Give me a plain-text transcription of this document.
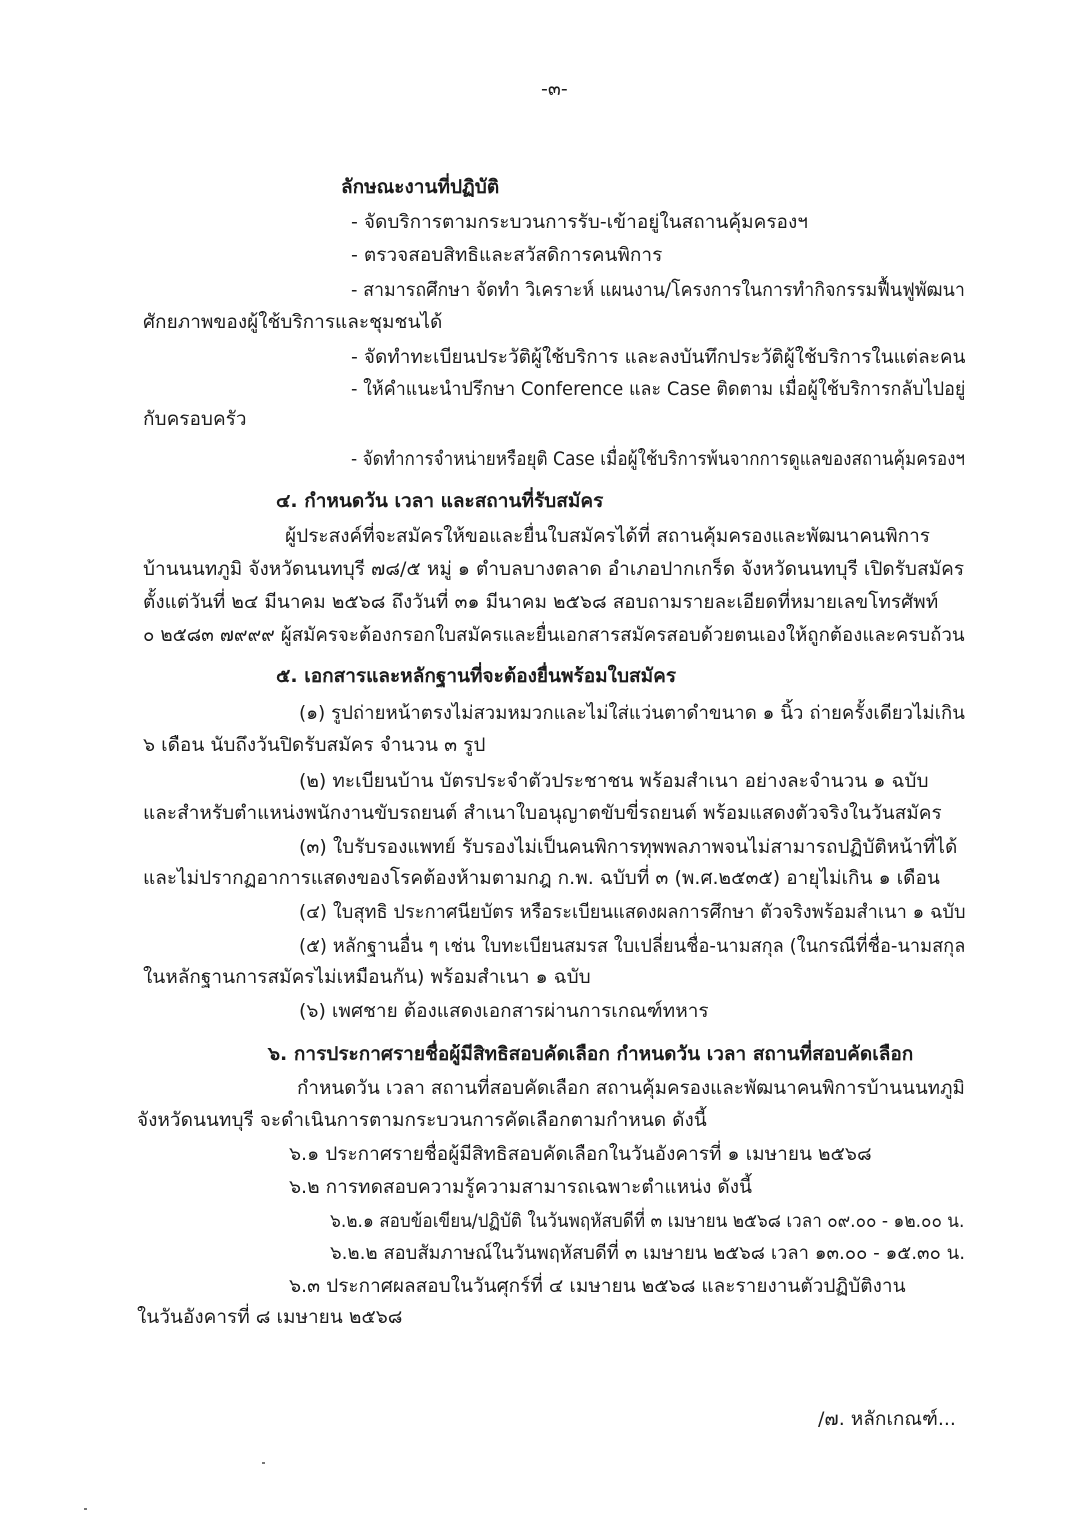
-๓-
ลักษณะงานที่ปฏิบัติ
- จัดบริการตามกระบวนการรับ-เข้าอยู่ในสถานคุ้มครองฯ
- ตรวจสอบสิทธิและสวัสดิการคนพิการ
- สามารถศึกษา จัดทำ วิเคราะห์ แผนงาน/โครงการในการทำกิจกรรมฟื้นฟูพัฒนา
ศักยภาพของผู้ใช้บริการและชุมชนได้
- จัดทำทะเบียนประวัติผู้ใช้บริการ และลงบันทึกประวัติผู้ใช้บริการในแต่ละคน
- ให้คำแนะนำปรึกษา Conference และ Case ติดตาม เมื่อผู้ใช้บริการกลับไปอยู่
กับครอบครัว
- จัดทำการจำหน่ายหรือยุติ Case เมื่อผู้ใช้บริการพ้นจากการดูแลของสถานคุ้มครองฯ
๔. กำหนดวัน เวลา และสถานที่รับสมัคร
ผู้ประสงค์ที่จะสมัครให้ขอและยื่นใบสมัครได้ที่ สถานคุ้มครองและพัฒนาคนพิการ
บ้านนนทภูมิ จังหวัดนนทบุรี ๗๘/๕ หมู่ ๑ ตำบลบางตลาด อำเภอปากเกร็ด จังหวัดนนทบุรี เปิดรับสมัคร
ตั้งแต่วันที่ ๒๔ มีนาคม ๒๕๖๘ ถึงวันที่ ๓๑ มีนาคม ๒๕๖๘ สอบถามรายละเอียดที่หมายเลขโทรศัพท์
๐ ๒๕๘๓ ๗๙๙๙ ผู้สมัครจะต้องกรอกใบสมัครและยื่นเอกสารสมัครสอบด้วยตนเองให้ถูกต้องและครบถ้วน
๕. เอกสารและหลักฐานที่จะต้องยื่นพร้อมใบสมัคร
(๑) รูปถ่ายหน้าตรงไม่สวมหมวกและไม่ใส่แว่นตาดำขนาด ๑ นิ้ว ถ่ายครั้งเดียวไม่เกิน
๖ เดือน นับถึงวันปิดรับสมัคร จำนวน ๓ รูป
(๒) ทะเบียนบ้าน บัตรประจำตัวประชาชน พร้อมสำเนา อย่างละจำนวน ๑ ฉบับ
และสำหรับตำแหน่งพนักงานขับรถยนต์ สำเนาใบอนุญาตขับขี่รถยนต์ พร้อมแสดงตัวจริงในวันสมัคร
(๓) ใบรับรองแพทย์ รับรองไม่เป็นคนพิการทุพพลภาพจนไม่สามารถปฏิบัติหน้าที่ได้
และไม่ปรากฏอาการแสดงของโรคต้องห้ามตามกฎ ก.พ. ฉบับที่ ๓ (พ.ศ.๒๕๓๕) อายุไม่เกิน ๑ เดือน
(๔) ใบสุทธิ ประกาศนียบัตร หรือระเบียนแสดงผลการศึกษา ตัวจริงพร้อมสำเนา ๑ ฉบับ
(๕) หลักฐานอื่น ๆ เช่น ใบทะเบียนสมรส ใบเปลี่ยนชื่อ-นามสกุล (ในกรณีที่ชื่อ-นามสกุล
ในหลักฐานการสมัครไม่เหมือนกัน) พร้อมสำเนา ๑ ฉบับ
(๖) เพศชาย ต้องแสดงเอกสารผ่านการเกณฑ์ทหาร
๖. การประกาศรายชื่อผู้มีสิทธิสอบคัดเลือก กำหนดวัน เวลา สถานที่สอบคัดเลือก
กำหนดวัน เวลา สถานที่สอบคัดเลือก สถานคุ้มครองและพัฒนาคนพิการบ้านนนทภูมิ
จังหวัดนนทบุรี จะดำเนินการตามกระบวนการคัดเลือกตามกำหนด ดังนี้
๖.๑ ประกาศรายชื่อผู้มีสิทธิสอบคัดเลือกในวันอังคารที่ ๑ เมษายน ๒๕๖๘
๖.๒ การทดสอบความรู้ความสามารถเฉพาะตำแหน่ง ดังนี้
๖.๒.๑ สอบข้อเขียน/ปฏิบัติ ในวันพฤหัสบดีที่ ๓ เมษายน ๒๕๖๘ เวลา ๐๙.๐๐ - ๑๒.๐๐ น.
๖.๒.๒ สอบสัมภาษณ์ในวันพฤหัสบดีที่ ๓ เมษายน ๒๕๖๘ เวลา ๑๓.๐๐ - ๑๕.๓๐ น.
๖.๓ ประกาศผลสอบในวันศุกร์ที่ ๔ เมษายน ๒๕๖๘ และรายงานตัวปฏิบัติงาน
ในวันอังคารที่ ๘ เมษายน ๒๕๖๘
/๗. หลักเกณฑ์...
